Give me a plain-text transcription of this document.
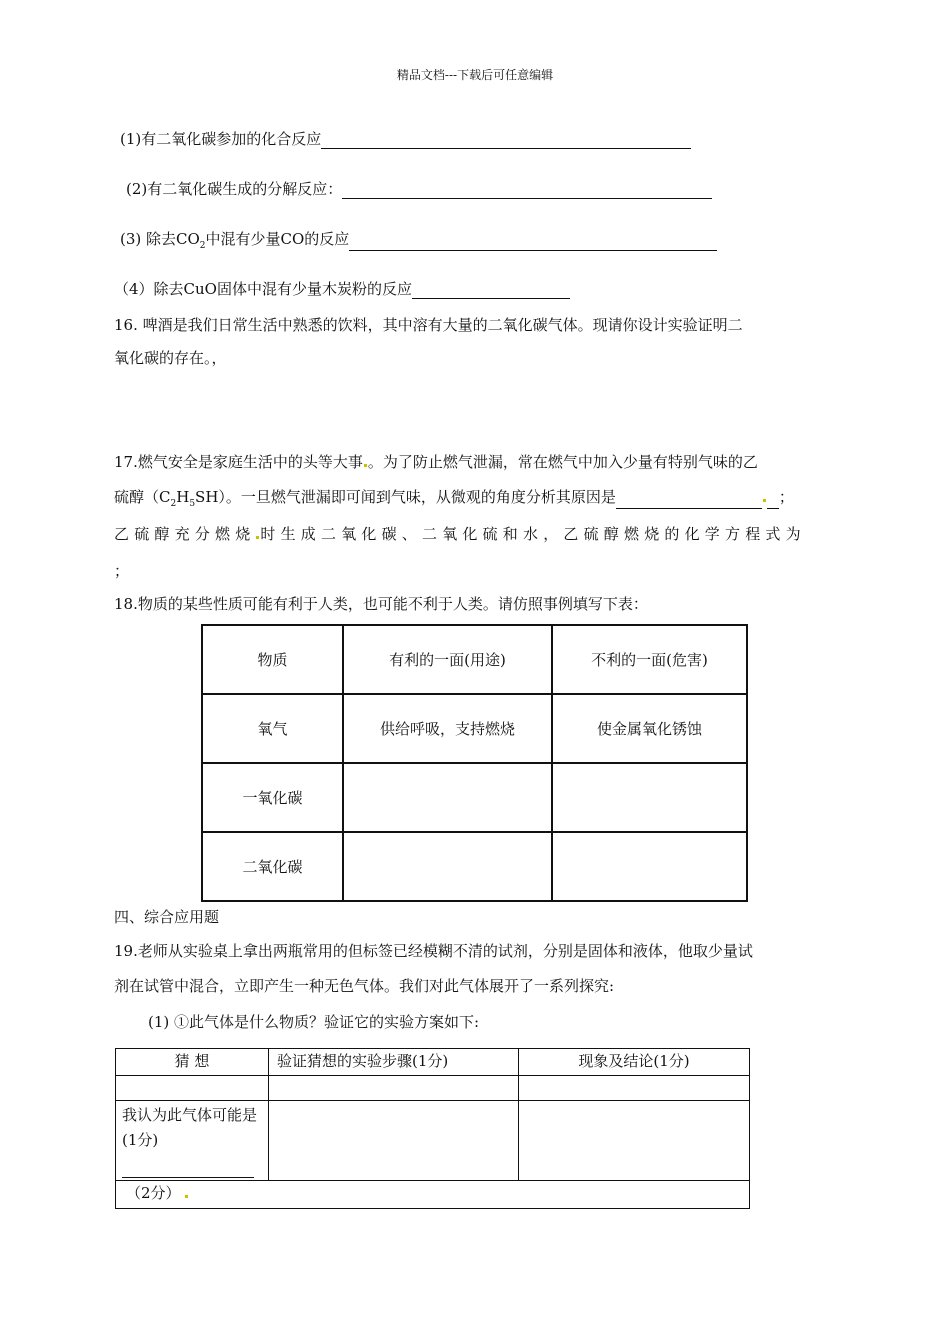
精品文档---下载后可任意编辑
(1)有二氧化碳参加的化合反应
(2)有二氧化碳生成的分解反应：
(3) 除去$CO_2$中混有少量CO的反应
（4）除去CuO固体中混有少量木炭粉的反应
16. 啤酒是我们日常生活中熟悉的饮料，其中溶有大量的二氧化碳气体。现请你设计实验证明二
氧化碳的存在。，
17.燃气安全是家庭生活中的头等大事 。为了防止燃气泄漏，常在燃气中加入少量有特别气味的乙
硫醇$(C_2H_5SH)$。一旦燃气泄漏即可闻到气味，从微观的角度分析其原因是	；
乙硫醇充分燃烧 时生成二氧化碳、二氧化硫和水，乙硫醇燃烧的化学方程式为
；
18.物质的某些性质可能有利于人类，也可能不利于人类。请仿照事例填写下表：
物质	有利的一面(用途)	不利的一面(危害)
氧气	供给呼吸，支持燃烧	使金属氧化锈蚀
一氧化碳		
二氧化碳		
四、综合应用题
19.老师从实验桌上拿出两瓶常用的但标签已经模糊不清的试剂，分别是固体和液体，他取少量试
剂在试管中混合，立即产生一种无色气体。我们对此气体展开了一系列探究:
(1) ①此气体是什么物质？验证它的实验方案如下:
猜 想	验证猜想的实验步骤(1分)	现象及结论(1分)

我认为此气体可能是(1分)		

（2分）		
